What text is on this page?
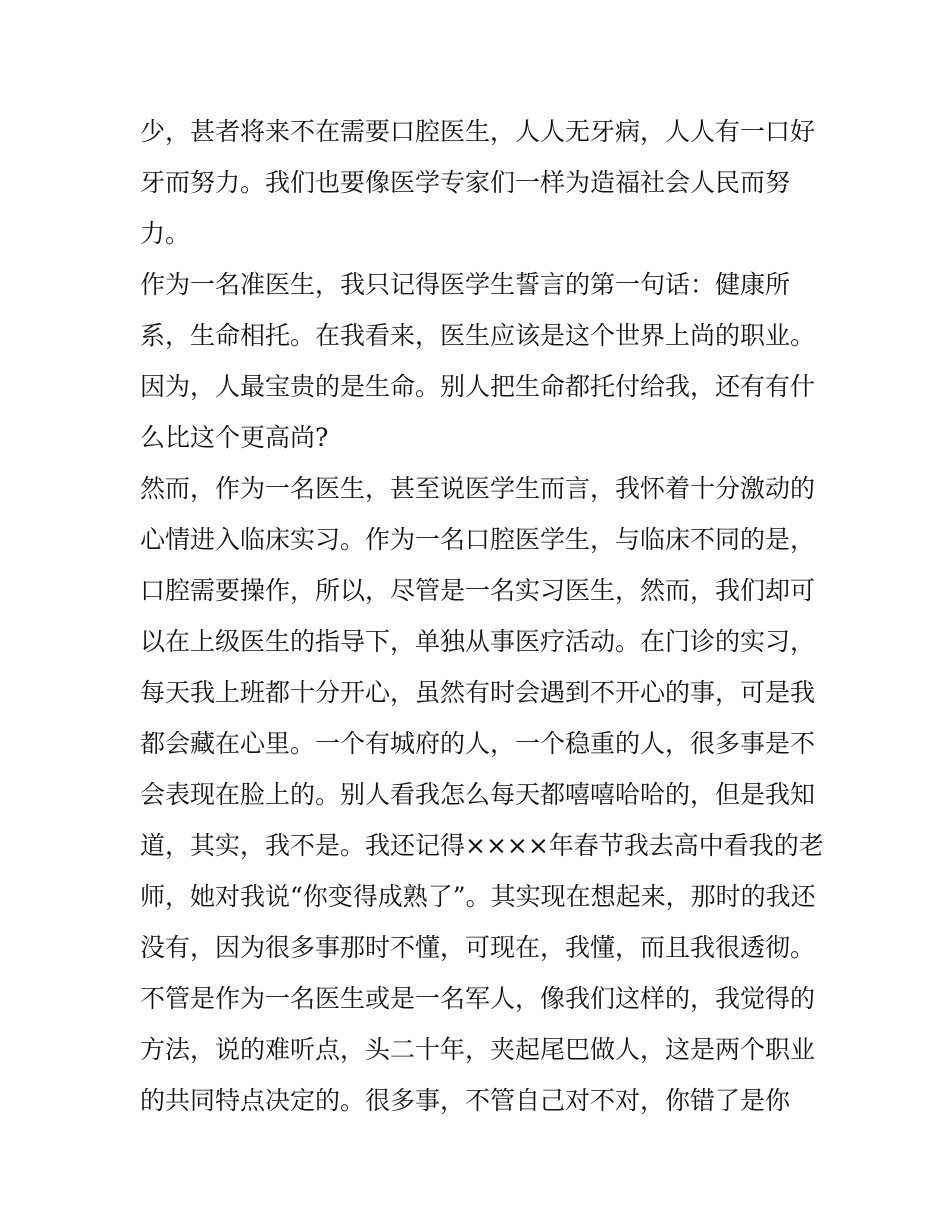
少，甚者将来不在需要口腔医生，人人无牙病，人人有一口好
牙而努力。我们也要像医学专家们一样为造福社会人民而努
力。
作为一名准医生，我只记得医学生誓言的第一句话：健康所
系，生命相托。在我看来，医生应该是这个世界上尚的职业。
因为，人最宝贵的是生命。别人把生命都托付给我，还有有什
么比这个更高尚?
然而，作为一名医生，甚至说医学生而言，我怀着十分激动的
心情进入临床实习。作为一名口腔医学生，与临床不同的是，
口腔需要操作，所以，尽管是一名实习医生，然而，我们却可
以在上级医生的指导下，单独从事医疗活动。在门诊的实习，
每天我上班都十分开心，虽然有时会遇到不开心的事，可是我
都会藏在心里。一个有城府的人，一个稳重的人，很多事是不
会表现在脸上的。别人看我怎么每天都嘻嘻哈哈的，但是我知
道，其实，我不是。我还记得××××年春节我去高中看我的老
师，她对我说“你变得成熟了”。其实现在想起来，那时的我还
没有，因为很多事那时不懂，可现在，我懂，而且我很透彻。
不管是作为一名医生或是一名军人，像我们这样的，我觉得的
方法，说的难听点，头二十年，夹起尾巴做人，这是两个职业
的共同特点决定的。很多事，不管自己对不对，你错了是你
